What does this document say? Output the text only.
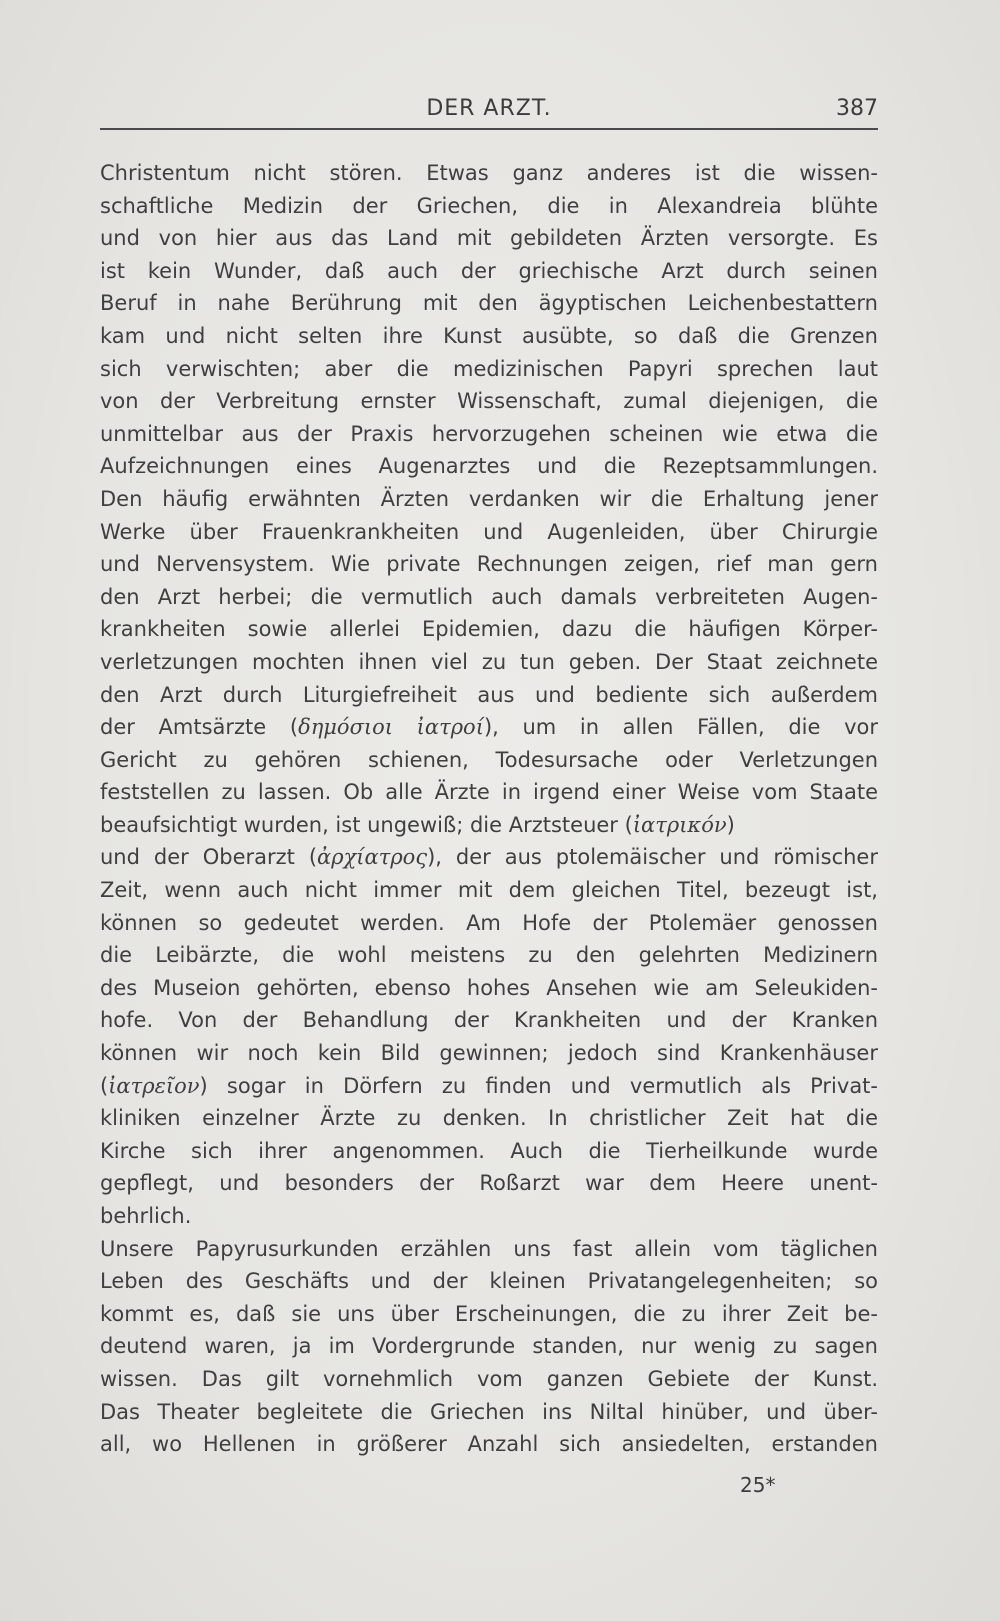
DER ARZT.	387
Christentum nicht stören. Etwas ganz anderes ist die wissen-
schaftliche Medizin der Griechen, die in Alexandreia blühte
und von hier aus das Land mit gebildeten Ärzten versorgte. Es
ist kein Wunder, daß auch der griechische Arzt durch seinen
Beruf in nahe Berührung mit den ägyptischen Leichenbestattern
kam und nicht selten ihre Kunst ausübte, so daß die Grenzen
sich verwischten; aber die medizinischen Papyri sprechen laut
von der Verbreitung ernster Wissenschaft, zumal diejenigen, die
unmittelbar aus der Praxis hervorzugehen scheinen wie etwa die
Aufzeichnungen eines Augenarztes und die Rezeptsammlungen.
Den häufig erwähnten Ärzten verdanken wir die Erhaltung jener
Werke über Frauenkrankheiten und Augenleiden, über Chirurgie
und Nervensystem. Wie private Rechnungen zeigen, rief man gern
den Arzt herbei; die vermutlich auch damals verbreiteten Augen-
krankheiten sowie allerlei Epidemien, dazu die häufigen Körper-
verletzungen mochten ihnen viel zu tun geben. Der Staat zeichnete
den Arzt durch Liturgiefreiheit aus und bediente sich außerdem
der Amtsärzte (δημόσιοι ἰατροί), um in allen Fällen, die vor
Gericht zu gehören schienen, Todesursache oder Verletzungen
feststellen zu lassen. Ob alle Ärzte in irgend einer Weise vom Staate
beaufsichtigt wurden, ist ungewiß; die Arztsteuer (ἰατρικόν)
und der Oberarzt (ἀρχίατρος), der aus ptolemäischer und römischer
Zeit, wenn auch nicht immer mit dem gleichen Titel, bezeugt ist,
können so gedeutet werden. Am Hofe der Ptolemäer genossen
die Leibärzte, die wohl meistens zu den gelehrten Medizinern
des Museion gehörten, ebenso hohes Ansehen wie am Seleukiden-
hofe. Von der Behandlung der Krankheiten und der Kranken
können wir noch kein Bild gewinnen; jedoch sind Krankenhäuser
(ἰατρεῖον) sogar in Dörfern zu finden und vermutlich als Privat-
kliniken einzelner Ärzte zu denken. In christlicher Zeit hat die
Kirche sich ihrer angenommen. Auch die Tierheilkunde wurde
gepflegt, und besonders der Roßarzt war dem Heere unent-
behrlich.
Unsere Papyrusurkunden erzählen uns fast allein vom täglichen
Leben des Geschäfts und der kleinen Privatangelegenheiten; so
kommt es, daß sie uns über Erscheinungen, die zu ihrer Zeit be-
deutend waren, ja im Vordergrunde standen, nur wenig zu sagen
wissen. Das gilt vornehmlich vom ganzen Gebiete der Kunst.
Das Theater begleitete die Griechen ins Niltal hinüber, und über-
all, wo Hellenen in größerer Anzahl sich ansiedelten, erstanden
25*
